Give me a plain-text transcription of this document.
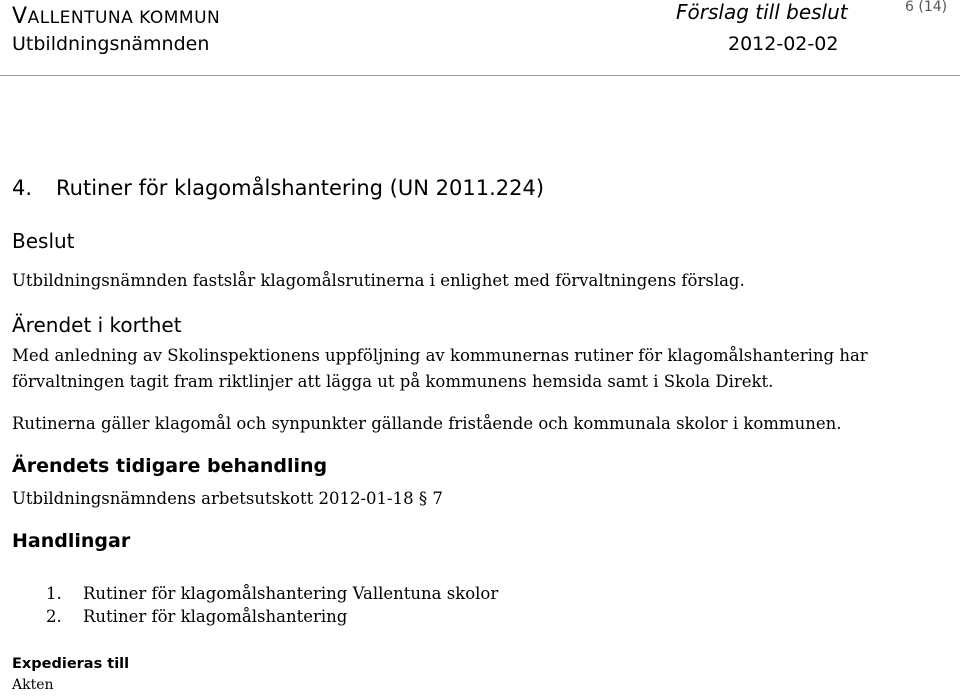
VALLENTUNA KOMMUN
Utbildningsnämnden
Förslag till beslut	6 (14)
2012-02-02
4. Rutiner för klagomålshantering (UN 2011.224)
Beslut
Utbildningsnämnden fastslår klagomålsrutinerna i enlighet med förvaltningens förslag.
Ärendet i korthet
Med anledning av Skolinspektionens uppföljning av kommunernas rutiner för klagomålshantering har
förvaltningen tagit fram riktlinjer att lägga ut på kommunens hemsida samt i Skola Direkt.
Rutinerna gäller klagomål och synpunkter gällande fristående och kommunala skolor i kommunen.
Ärendets tidigare behandling
Utbildningsnämndens arbetsutskott 2012-01-18 § 7
Handlingar
1. Rutiner för klagomålshantering Vallentuna skolor
2. Rutiner för klagomålshantering
Expedieras till
Akten
